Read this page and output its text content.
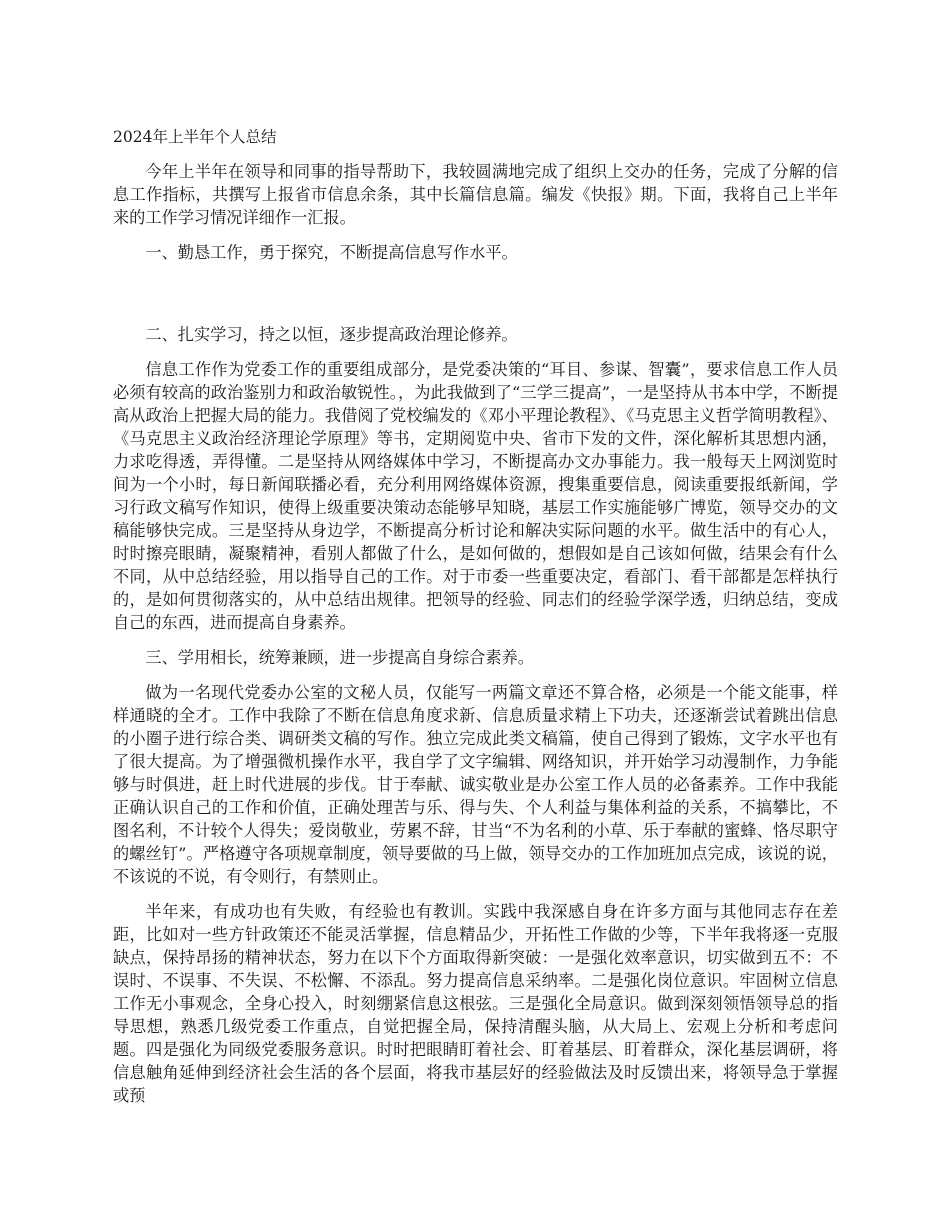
2024年上半年个人总结

今年上半年在领导和同事的指导帮助下，我较圆满地完成了组织上交办的任务，完成了分解的信息工作指标，共撰写上报省市信息余条，其中长篇信息篇。编发《快报》期。下面，我将自己上半年来的工作学习情况详细作一汇报。

一、勤恳工作，勇于探究，不断提高信息写作水平。

二、扎实学习，持之以恒，逐步提高政治理论修养。

信息工作作为党委工作的重要组成部分，是党委决策的“耳目、参谋、智囊”，要求信息工作人员必须有较高的政治鉴别力和政治敏锐性。，为此我做到了“三学三提高”，一是坚持从书本中学，不断提高从政治上把握大局的能力。我借阅了党校编发的《邓小平理论教程》、《马克思主义哲学简明教程》、《马克思主义政治经济理论学原理》等书，定期阅览中央、省市下发的文件，深化解析其思想内涵，力求吃得透，弄得懂。二是坚持从网络媒体中学习，不断提高办文办事能力。我一般每天上网浏览时间为一个小时，每日新闻联播必看，充分利用网络媒体资源，搜集重要信息，阅读重要报纸新闻，学习行政文稿写作知识，使得上级重要决策动态能够早知晓，基层工作实施能够广博览，领导交办的文稿能够快完成。三是坚持从身边学，不断提高分析讨论和解决实际问题的水平。做生活中的有心人，时时擦亮眼睛，凝聚精神，看别人都做了什么，是如何做的，想假如是自己该如何做，结果会有什么不同，从中总结经验，用以指导自己的工作。对于市委一些重要决定，看部门、看干部都是怎样执行的，是如何贯彻落实的，从中总结出规律。把领导的经验、同志们的经验学深学透，归纳总结，变成自己的东西，进而提高自身素养。

三、学用相长，统筹兼顾，进一步提高自身综合素养。

做为一名现代党委办公室的文秘人员，仅能写一两篇文章还不算合格，必须是一个能文能事，样样通晓的全才。工作中我除了不断在信息角度求新、信息质量求精上下功夫，还逐渐尝试着跳出信息的小圈子进行综合类、调研类文稿的写作。独立完成此类文稿篇，使自己得到了锻炼，文字水平也有了很大提高。为了增强微机操作水平，我自学了文字编辑、网络知识，并开始学习动漫制作，力争能够与时俱进，赶上时代进展的步伐。甘于奉献、诚实敬业是办公室工作人员的必备素养。工作中我能正确认识自己的工作和价值，正确处理苦与乐、得与失、个人利益与集体利益的关系，不搞攀比，不图名利，不计较个人得失；爱岗敬业，劳累不辞，甘当“不为名利的小草、乐于奉献的蜜蜂、恪尽职守的螺丝钉”。严格遵守各项规章制度，领导要做的马上做，领导交办的工作加班加点完成，该说的说，不该说的不说，有令则行，有禁则止。

半年来，有成功也有失败，有经验也有教训。实践中我深感自身在许多方面与其他同志存在差距，比如对一些方针政策还不能灵活掌握，信息精品少，开拓性工作做的少等，下半年我将逐一克服缺点，保持昂扬的精神状态，努力在以下个方面取得新突破：一是强化效率意识，切实做到五不：不误时、不误事、不失误、不松懈、不添乱。努力提高信息采纳率。二是强化岗位意识。牢固树立信息工作无小事观念，全身心投入，时刻绷紧信息这根弦。三是强化全局意识。做到深刻领悟领导总的指导思想，熟悉几级党委工作重点，自觉把握全局，保持清醒头脑，从大局上、宏观上分析和考虑问题。四是强化为同级党委服务意识。时时把眼睛盯着社会、盯着基层、盯着群众，深化基层调研，将信息触角延伸到经济社会生活的各个层面，将我市基层好的经验做法及时反馈出来，将领导急于掌握或预
